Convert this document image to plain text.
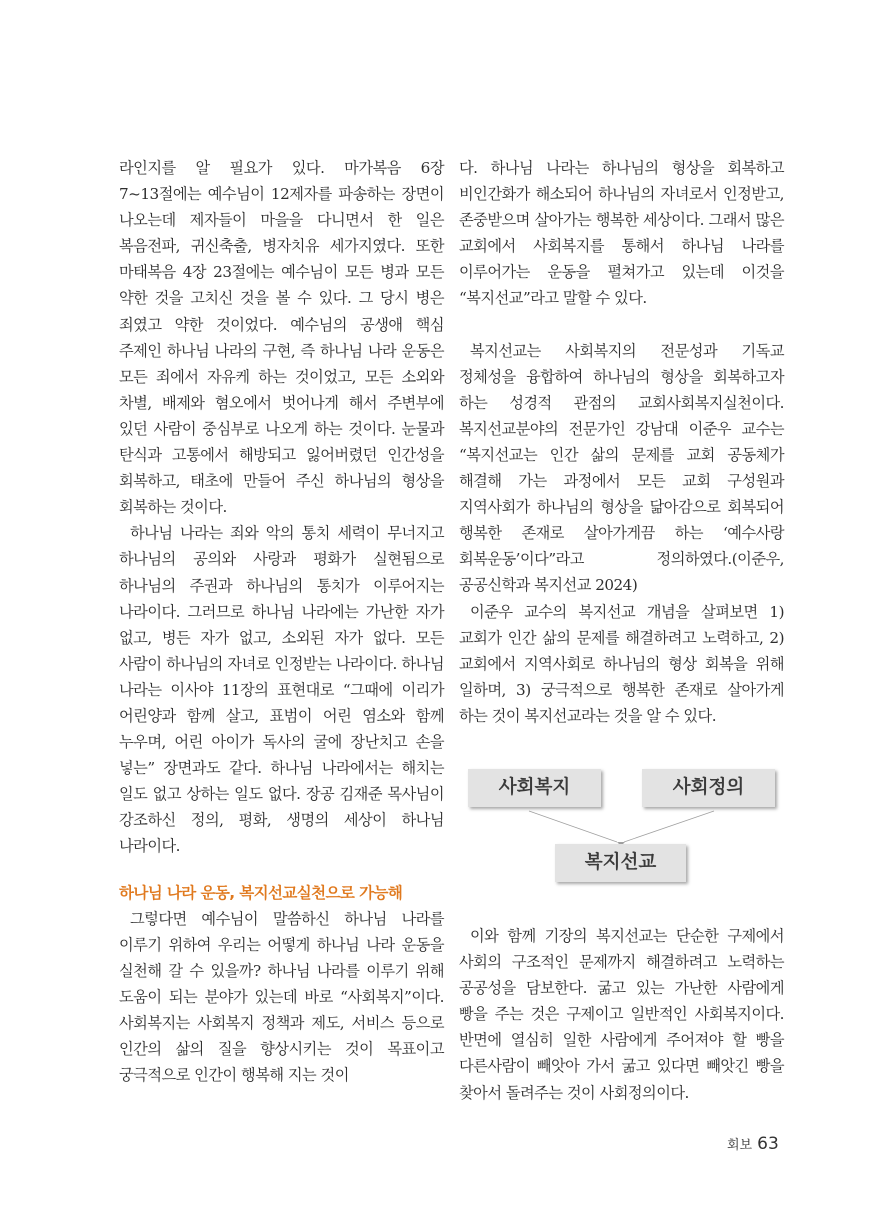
라인지를 알 필요가 있다. 마가복음 6장 7~13절에는 예수님이 12제자를 파송하는 장면이 나오는데 제자들이 마을을 다니면서 한 일은 복음전파, 귀신축출, 병자치유 세가지였다. 또한 마태복음 4장 23절에는 예수님이 모든 병과 모든 약한 것을 고치신 것을 볼 수 있다. 그 당시 병은 죄였고 약한 것이었다. 예수님의 공생애 핵심 주제인 하나님 나라의 구현, 즉 하나님 나라 운동은 모든 죄에서 자유케 하는 것이었고, 모든 소외와 차별, 배제와 혐오에서 벗어나게 해서 주변부에 있던 사람이 중심부로 나오게 하는 것이다. 눈물과 탄식과 고통에서 해방되고 잃어버렸던 인간성을 회복하고, 태초에 만들어 주신 하나님의 형상을 회복하는 것이다.

하나님 나라는 죄와 악의 통치 세력이 무너지고 하나님의 공의와 사랑과 평화가 실현됨으로 하나님의 주권과 하나님의 통치가 이루어지는 나라이다. 그러므로 하나님 나라에는 가난한 자가 없고, 병든 자가 없고, 소외된 자가 없다. 모든 사람이 하나님의 자녀로 인정받는 나라이다. 하나님 나라는 이사야 11장의 표현대로 “그때에 이리가 어린양과 함께 살고, 표범이 어린 염소와 함께 누우며, 어린 아이가 독사의 굴에 장난치고 손을 넣는” 장면과도 같다. 하나님 나라에서는 해치는 일도 없고 상하는 일도 없다. 장공 김재준 목사님이 강조하신 정의, 평화, 생명의 세상이 하나님 나라이다.

하나님 나라 운동, 복지선교실천으로 가능해

그렇다면 예수님이 말씀하신 하나님 나라를 이루기 위하여 우리는 어떻게 하나님 나라 운동을 실천해 갈 수 있을까? 하나님 나라를 이루기 위해 도움이 되는 분야가 있는데 바로 “사회복지”이다. 사회복지는 사회복지 정책과 제도, 서비스 등으로 인간의 삶의 질을 향상시키는 것이 목표이고 궁극적으로 인간이 행복해 지는 것이

다. 하나님 나라는 하나님의 형상을 회복하고 비인간화가 해소되어 하나님의 자녀로서 인정받고, 존중받으며 살아가는 행복한 세상이다. 그래서 많은 교회에서 사회복지를 통해서 하나님 나라를 이루어가는 운동을 펼쳐가고 있는데 이것을 “복지선교”라고 말할 수 있다.

복지선교는 사회복지의 전문성과 기독교 정체성을 융합하여 하나님의 형상을 회복하고자 하는 성경적 관점의 교회사회복지실천이다. 복지선교분야의 전문가인 강남대 이준우 교수는 “복지선교는 인간 삶의 문제를 교회 공동체가 해결해 가는 과정에서 모든 교회 구성원과 지역사회가 하나님의 형상을 닮아감으로 회복되어 행복한 존재로 살아가게끔 하는 ‘예수사랑 회복운동’이다”라고 정의하였다.(이준우, 공공신학과 복지선교 2024)

이준우 교수의 복지선교 개념을 살펴보면 1) 교회가 인간 삶의 문제를 해결하려고 노력하고, 2) 교회에서 지역사회로 하나님의 형상 회복을 위해 일하며, 3) 궁극적으로 행복한 존재로 살아가게 하는 것이 복지선교라는 것을 알 수 있다.

사회복지	사회정의
복지선교

이와 함께 기장의 복지선교는 단순한 구제에서 사회의 구조적인 문제까지 해결하려고 노력하는 공공성을 담보한다. 굶고 있는 가난한 사람에게 빵을 주는 것은 구제이고 일반적인 사회복지이다. 반면에 열심히 일한 사람에게 주어져야 할 빵을 다른사람이 빼앗아 가서 굶고 있다면 빼앗긴 빵을 찾아서 돌려주는 것이 사회정의이다.

회보 63
